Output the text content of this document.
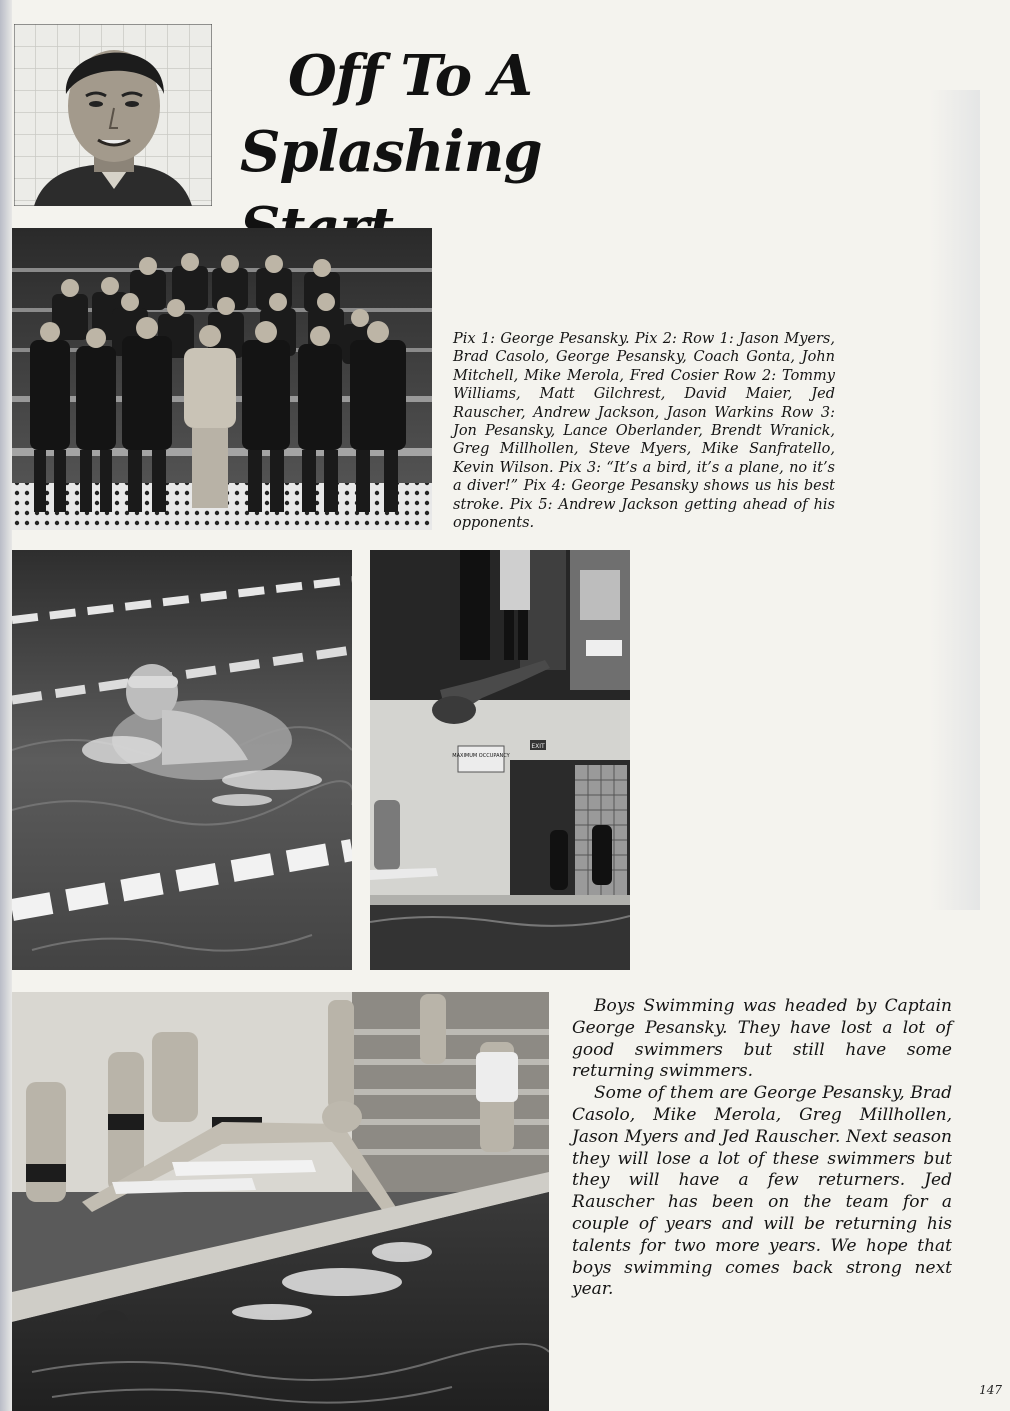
Off To A
Splashing
Pix 1: George Pesansky. Pix 2: Row 1: Jason Myers, Brad Casolo, George Pesansky, Coach Gonta, John Mitchell, Mike Merola, Fred Cosier Row 2: Tommy Williams, Matt Gilchrest, David Maier, Jed Rauscher, Andrew Jackson, Jason Warkins Row 3: Jon Pesansky, Lance Oberlander, Brendt Wranick, Greg Millhollen, Steve Myers, Mike Sanfratello, Kevin Wilson. Pix 3: “It’s a bird, it’s a plane, no it’s a diver!” Pix 4: George Pesansky shows us his best stroke. Pix 5: Andrew Jackson getting ahead of his opponents.
MAXIMUM OCCUPANCY
EXIT
Boys Swimming was headed by Captain George Pesansky. They have lost a lot of good swimmers but still have some returning swimmers.
Some of them are George Pesansky, Brad Casolo, Mike Merola, Greg Millhollen, Jason Myers and Jed Rauscher. Next season they will lose a lot of these swimmers but they will have a few returners. Jed Rauscher has been on the team for a couple of years and will be returning his talents for two more years. We hope that boys swimming comes back strong next year.
147
